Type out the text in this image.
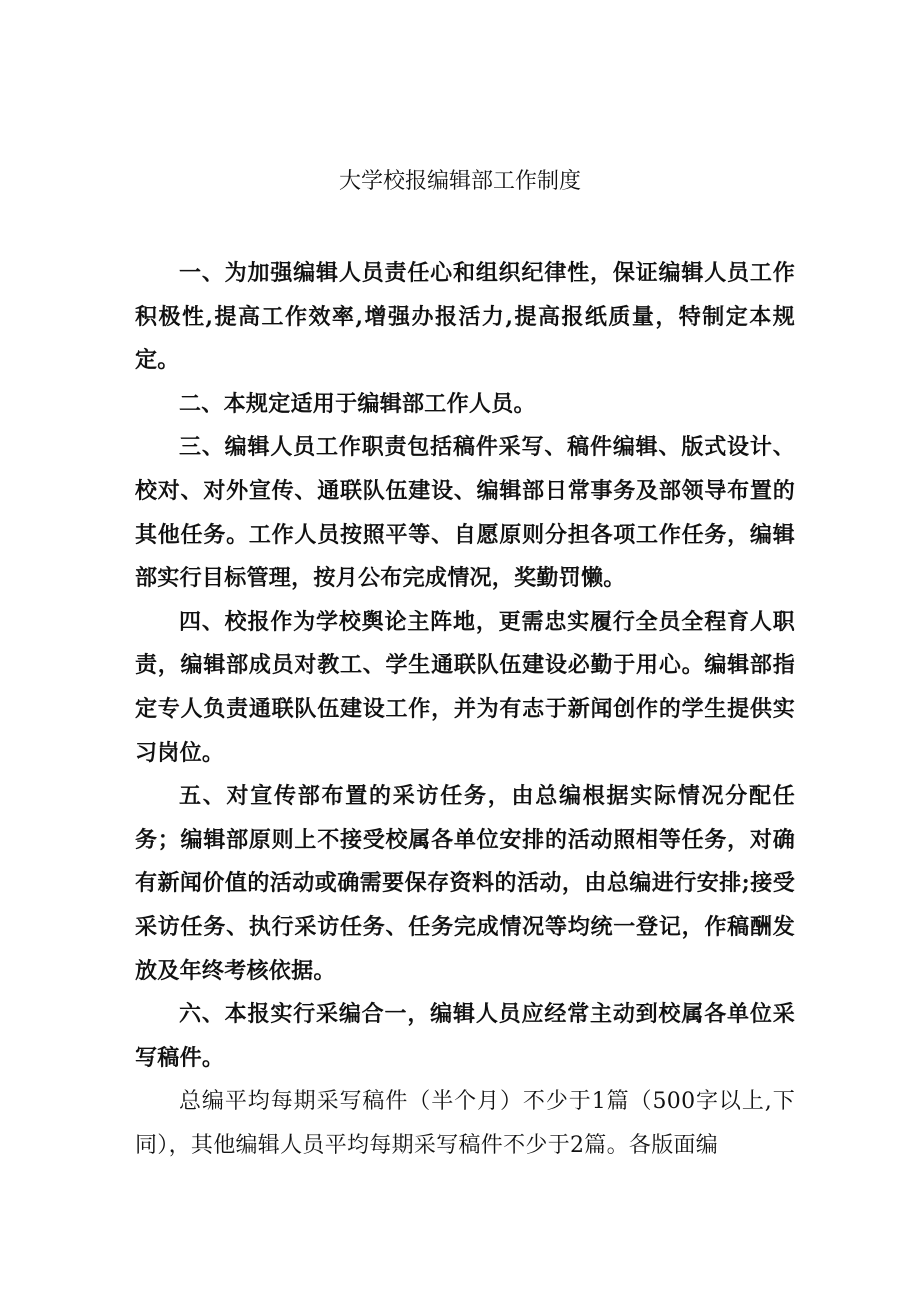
大学校报编辑部工作制度

一、为加强编辑人员责任心和组织纪律性，保证编辑人员工作积极性,提高工作效率,增强办报活力,提高报纸质量，特制定本规定。

二、本规定适用于编辑部工作人员。

三、编辑人员工作职责包括稿件采写、稿件编辑、版式设计、校对、对外宣传、通联队伍建设、编辑部日常事务及部领导布置的其他任务。工作人员按照平等、自愿原则分担各项工作任务，编辑部实行目标管理，按月公布完成情况，奖勤罚懒。

四、校报作为学校舆论主阵地，更需忠实履行全员全程育人职责，编辑部成员对教工、学生通联队伍建设必勤于用心。编辑部指定专人负责通联队伍建设工作，并为有志于新闻创作的学生提供实习岗位。

五、对宣传部布置的采访任务，由总编根据实际情况分配任务；编辑部原则上不接受校属各单位安排的活动照相等任务，对确有新闻价值的活动或确需要保存资料的活动，由总编进行安排;接受采访任务、执行采访任务、任务完成情况等均统一登记，作稿酬发放及年终考核依据。

六、本报实行采编合一，编辑人员应经常主动到校属各单位采写稿件。

总编平均每期采写稿件（半个月）不少于1篇（500字以上,下同），其他编辑人员平均每期采写稿件不少于2篇。各版面编
